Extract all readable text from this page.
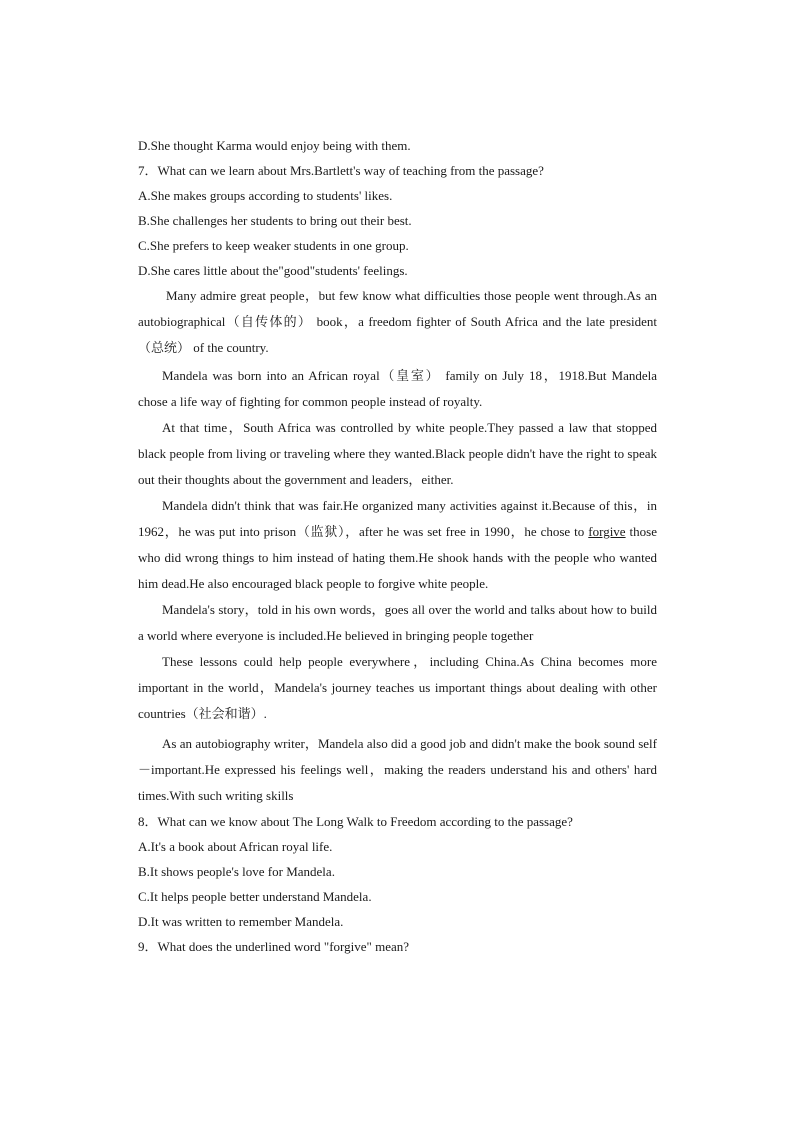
D.She thought Karma would enjoy being with them.
7．What can we learn about Mrs.Bartlett's way of teaching from the passage?
A.She makes groups according to students' likes.
B.She challenges her students to bring out their best.
C.She prefers to keep weaker students in one group.
D.She cares little about the"good"students' feelings.

Many admire great people，but few know what difficulties those people went through.As an autobiographical（自传体的） book，a freedom fighter of South Africa and the late president（总统） of the country.

Mandela was born into an African royal（皇室） family on July 18，1918.But Mandela chose a life way of fighting for common people instead of royalty.

At that time，South Africa was controlled by white people.They passed a law that stopped black people from living or traveling where they wanted.Black people didn't have the right to speak out their thoughts about the government and leaders，either.

Mandela didn't think that was fair.He organized many activities against it.Because of this，in 1962，he was put into prison（监狱），after he was set free in 1990，he chose to forgive those who did wrong things to him instead of hating them.He shook hands with the people who wanted him dead.He also encouraged black people to forgive white people.

Mandela's story，told in his own words，goes all over the world and talks about how to build a world where everyone is included.He believed in bringing people together

These lessons could help people everywhere，including China.As China becomes more important in the world，Mandela's journey teaches us important things about dealing with other countries（社会和谐）.

As an autobiography writer，Mandela also did a good job and didn't make the book sound self－important.He expressed his feelings well，making the readers understand his and others' hard times.With such writing skills

8．What can we know about The Long Walk to Freedom according to the passage?
A.It's a book about African royal life.
B.It shows people's love for Mandela.
C.It helps people better understand Mandela.
D.It was written to remember Mandela.
9．What does the underlined word "forgive" mean?
